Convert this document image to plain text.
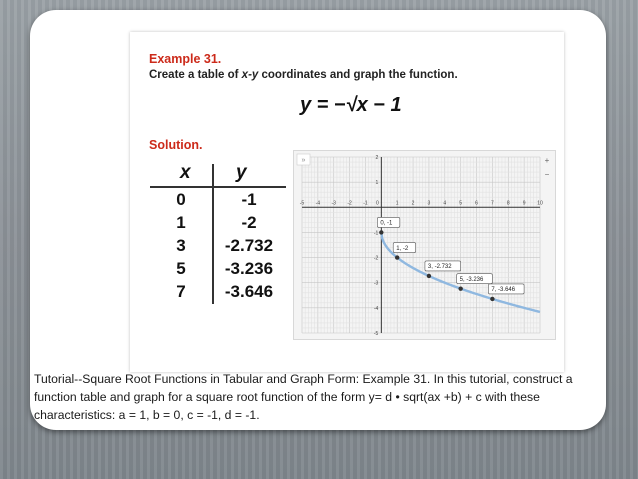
Example 31.
Create a table of x-y coordinates and graph the function.
y = −√x − 1
Solution.
x y
0	-1
1	-2
3	-2.732
5	-3.236
7	-3.646
-5 -4 -3 -2 -1 0	1	2	3	4	5	6	7	8	9 10
2
1
-1
-2
-3
-4
-5
0, -1
1, -2
3, -2.732
5, -3.236
7, -3.646
»	+
−
Tutorial--Square Root Functions in Tabular and Graph Form: Example 31. In this tutorial, construct a function table and graph for a square root function of the form y= d • sqrt(ax +b) + c with these characteristics: a = 1, b = 0, c = -1, d = -1.
